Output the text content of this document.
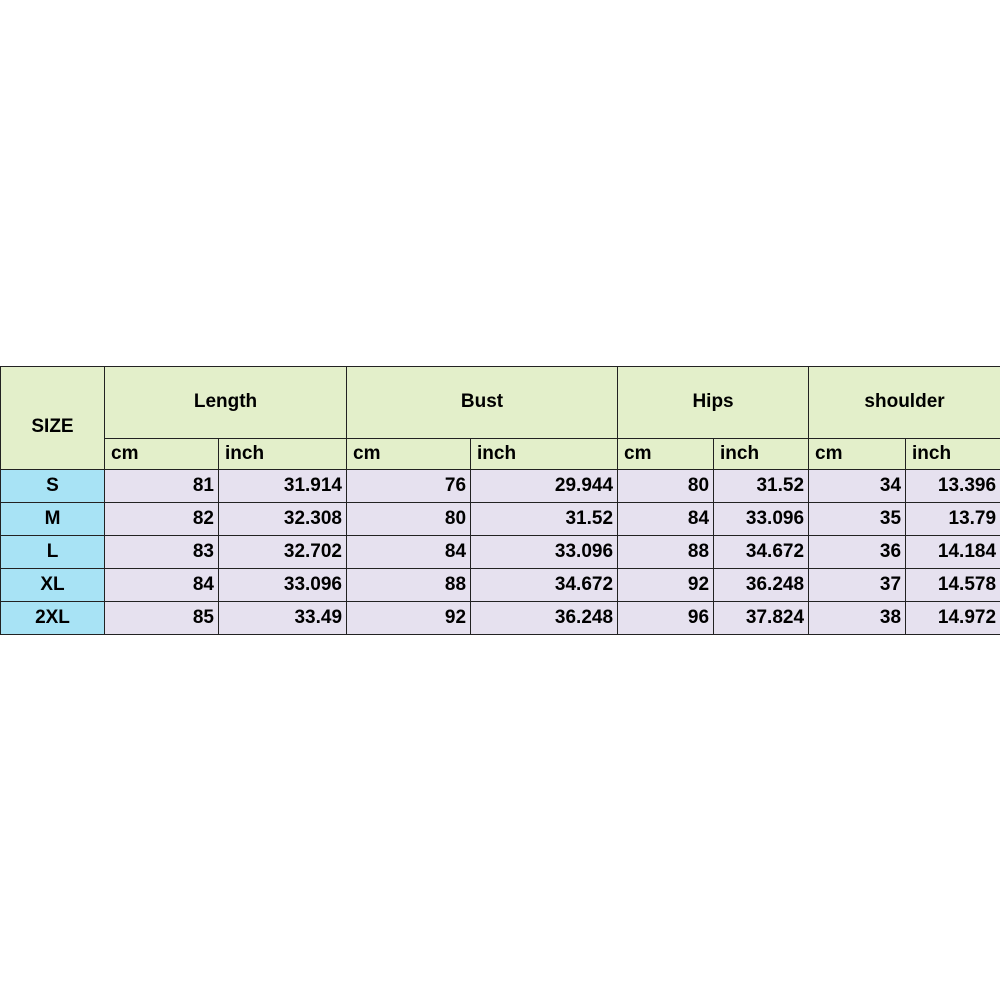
SIZE	Length		Bust		Hips		shoulder	
	cm	inch	cm	inch	cm	inch	cm	inch
S	81	31.914	76	29.944	80	31.52	34	13.396
M	82	32.308	80	31.52	84	33.096	35	13.79
L	83	32.702	84	33.096	88	34.672	36	14.184
XL	84	33.096	88	34.672	92	36.248	37	14.578
2XL	85	33.49	92	36.248	96	37.824	38	14.972
